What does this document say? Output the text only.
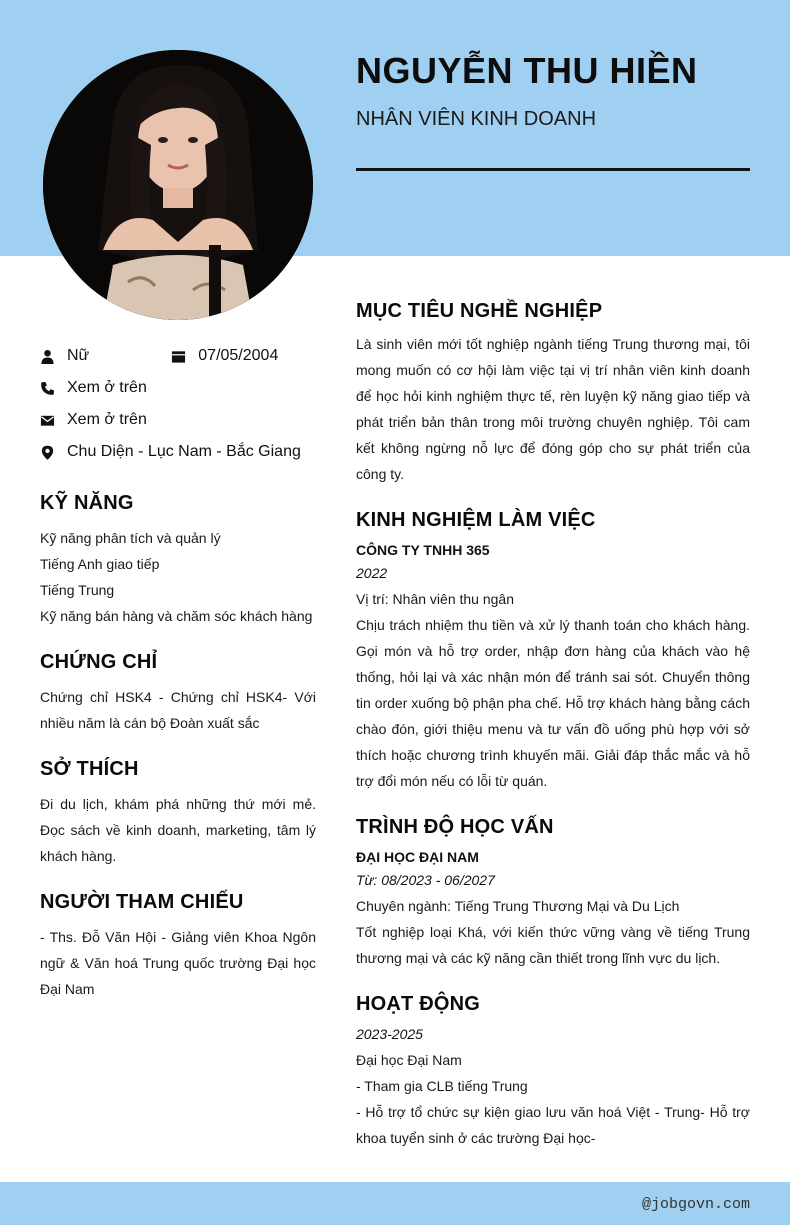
NGUYỄN THU HIỀN
NHÂN VIÊN KINH DOANH
Nữ	07/05/2004
Xem ở trên
Xem ở trên
Chu Diện - Lục Nam - Bắc Giang
KỸ NĂNG
Kỹ năng phân tích và quản lý
Tiếng Anh giao tiếp
Tiếng Trung
Kỹ năng bán hàng và chăm sóc khách hàng
CHỨNG CHỈ
Chứng chỉ HSK4 - Chứng chỉ HSK4- Với nhiều năm là cán bộ Đoàn xuất sắc
SỞ THÍCH
Đi du lịch, khám phá những thứ mới mẻ. Đọc sách về kinh doanh, marketing, tâm lý khách hàng.
NGƯỜI THAM CHIẾU
- Ths. Đỗ Văn Hội - Giảng viên Khoa Ngôn ngữ & Văn hoá Trung quốc trường Đại học Đại Nam
MỤC TIÊU NGHỀ NGHIỆP
Là sinh viên mới tốt nghiệp ngành tiếng Trung thương mại, tôi mong muốn có cơ hội làm việc tại vị trí nhân viên kinh doanh để học hỏi kinh nghiệm thực tế, rèn luyện kỹ năng giao tiếp và phát triển bản thân trong môi trường chuyên nghiệp. Tôi cam kết không ngừng nỗ lực để đóng góp cho sự phát triển của công ty.
KINH NGHIỆM LÀM VIỆC
CÔNG TY TNHH 365
2022
Vị trí: Nhân viên thu ngân
Chịu trách nhiệm thu tiền và xử lý thanh toán cho khách hàng. Gọi món và hỗ trợ order, nhập đơn hàng của khách vào hệ thống, hỏi lại và xác nhận món để tránh sai sót. Chuyển thông tin order xuống bộ phận pha chế. Hỗ trợ khách hàng bằng cách chào đón, giới thiệu menu và tư vấn đồ uống phù hợp với sở thích hoặc chương trình khuyến mãi. Giải đáp thắc mắc và hỗ trợ đổi món nếu có lỗi từ quán.
TRÌNH ĐỘ HỌC VẤN
ĐẠI HỌC ĐẠI NAM
Từ: 08/2023 - 06/2027
Chuyên ngành: Tiếng Trung Thương Mại và Du Lịch
Tốt nghiệp loại Khá, với kiến thức vững vàng về tiếng Trung thương mại và các kỹ năng cần thiết trong lĩnh vực du lịch.
HOẠT ĐỘNG
2023-2025
Đại học Đại Nam
- Tham gia CLB tiếng Trung
- Hỗ trợ tổ chức sự kiện giao lưu văn hoá Việt - Trung- Hỗ trợ khoa tuyển sinh ở các trường Đại học-
@jobgovn.com
